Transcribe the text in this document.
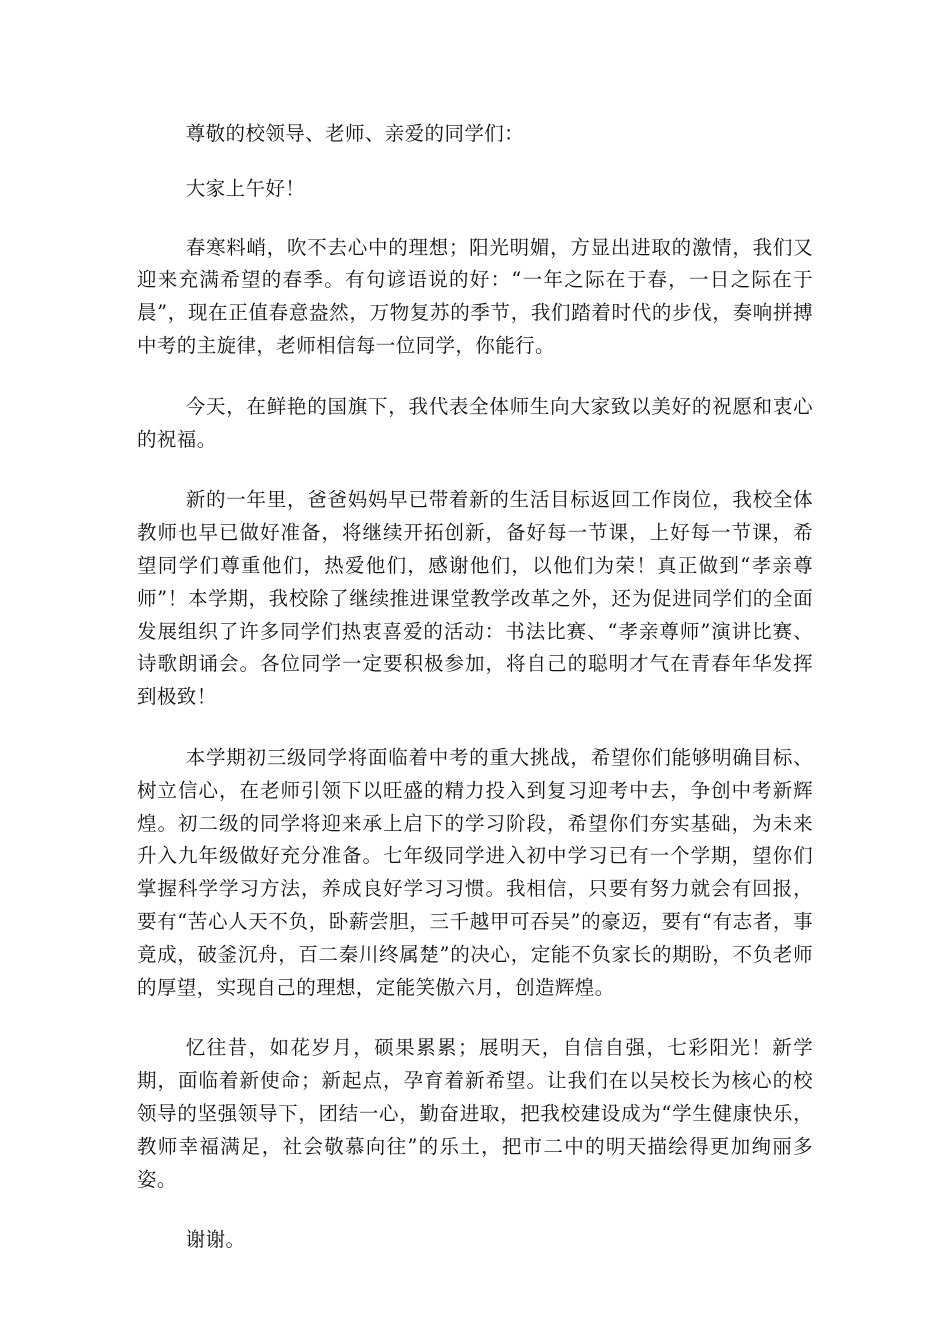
尊敬的校领导、老师、亲爱的同学们：

大家上午好！

春寒料峭，吹不去心中的理想；阳光明媚，方显出进取的激情，我们又迎来充满希望的春季。有句谚语说的好：“一年之际在于春，一日之际在于晨”，现在正值春意盎然，万物复苏的季节，我们踏着时代的步伐，奏响拼搏中考的主旋律，老师相信每一位同学，你能行。

今天，在鲜艳的国旗下，我代表全体师生向大家致以美好的祝愿和衷心的祝福。

新的一年里，爸爸妈妈早已带着新的生活目标返回工作岗位，我校全体教师也早已做好准备，将继续开拓创新，备好每一节课，上好每一节课，希望同学们尊重他们，热爱他们，感谢他们，以他们为荣！真正做到“孝亲尊师”！本学期，我校除了继续推进课堂教学改革之外，还为促进同学们的全面发展组织了许多同学们热衷喜爱的活动：书法比赛、“孝亲尊师”演讲比赛、诗歌朗诵会。各位同学一定要积极参加，将自己的聪明才气在青春年华发挥到极致！

本学期初三级同学将面临着中考的重大挑战，希望你们能够明确目标、树立信心，在老师引领下以旺盛的精力投入到复习迎考中去，争创中考新辉煌。初二级的同学将迎来承上启下的学习阶段，希望你们夯实基础，为未来升入九年级做好充分准备。七年级同学进入初中学习已有一个学期，望你们掌握科学学习方法，养成良好学习习惯。我相信，只要有努力就会有回报，要有“苦心人天不负，卧薪尝胆，三千越甲可吞吴”的豪迈，要有“有志者，事竟成，破釜沉舟，百二秦川终属楚”的决心，定能不负家长的期盼，不负老师的厚望，实现自己的理想，定能笑傲六月，创造辉煌。

忆往昔，如花岁月，硕果累累；展明天，自信自强，七彩阳光！新学期，面临着新使命；新起点，孕育着新希望。让我们在以吴校长为核心的校领导的坚强领导下，团结一心，勤奋进取，把我校建设成为“学生健康快乐，教师幸福满足，社会敬慕向往”的乐土，把市二中的明天描绘得更加绚丽多姿。

谢谢。
